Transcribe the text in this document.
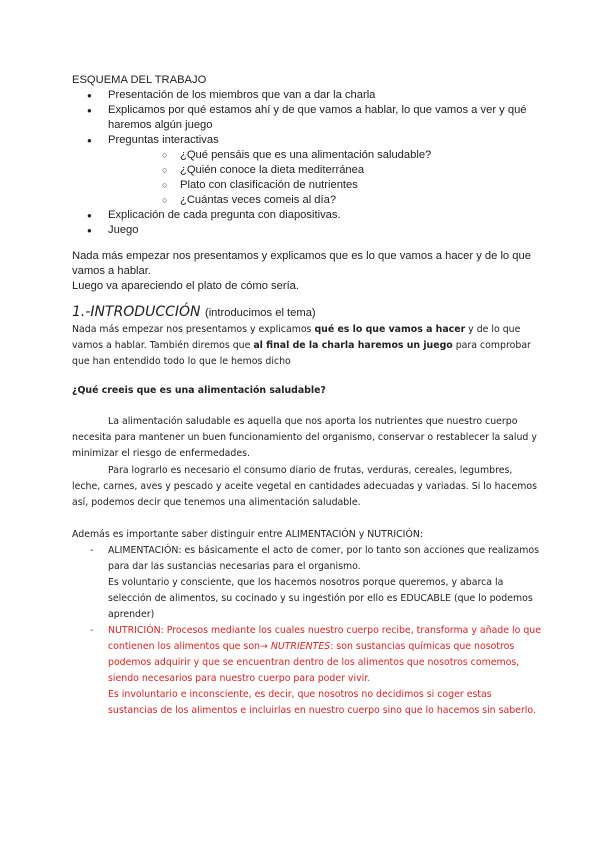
ESQUEMA DEL TRABAJO
● Presentación de los miembros que van a dar la charla
● Explicamos por qué estamos ahí y de que vamos a hablar, lo que vamos a ver y qué haremos algún juego
● Preguntas interactivas
○ ¿Qué pensáis que es una alimentación saludable?
○ ¿Quién conoce la dieta mediterránea
○ Plato con clasificación de nutrientes
○ ¿Cuántas veces comeis al día?
● Explicación de cada pregunta con diapositivas.
● Juego

Nada más empezar nos presentamos y explicamos que es lo que vamos a hacer y de lo que vamos a hablar.

Luego va apareciendo el plato de cómo sería.

1.-INTRODUCCIÓN (introducimos el tema)

Nada más empezar nos presentamos y explicamos qué es lo que vamos a hacer y de lo que vamos a hablar. También diremos que al final de la charla haremos un juego para comprobar que han entendido todo lo que le hemos dicho

¿Qué creeis que es una alimentación saludable?

La alimentación saludable es aquella que nos aporta los nutrientes que nuestro cuerpo necesita para mantener un buen funcionamiento del organismo, conservar o restablecer la salud y minimizar el riesgo de enfermedades.

Para lograrlo es necesario el consumo diario de frutas, verduras, cereales, legumbres, leche, carnes, aves y pescado y aceite vegetal en cantidades adecuadas y variadas. Si lo hacemos así, podemos decir que tenemos una alimentación saludable.

Además es importante saber distinguir entre ALIMENTACIÓN y NUTRICIÓN:

- ALIMENTACIÓN: es básicamente el acto de comer, por lo tanto son acciones que realizamos para dar las sustancias necesarias para el organismo.

Es voluntario y consciente, que los hacemos nosotros porque queremos, y abarca la selección de alimentos, su cocinado y su ingestión por ello es EDUCABLE (que lo podemos aprender)

- NUTRICIÓN: Procesos mediante los cuales nuestro cuerpo recibe, transforma y añade lo que contienen los alimentos que son→ NUTRIENTES: son sustancias químicas que nosotros podemos adquirir y que se encuentran dentro de los alimentos que nosotros comemos, siendo necesarios para nuestro cuerpo para poder vivir.

Es involuntario e inconsciente, es decir, que nosotros no decidimos si coger estas sustancias de los alimentos e incluirlas en nuestro cuerpo sino que lo hacemos sin saberlo.
